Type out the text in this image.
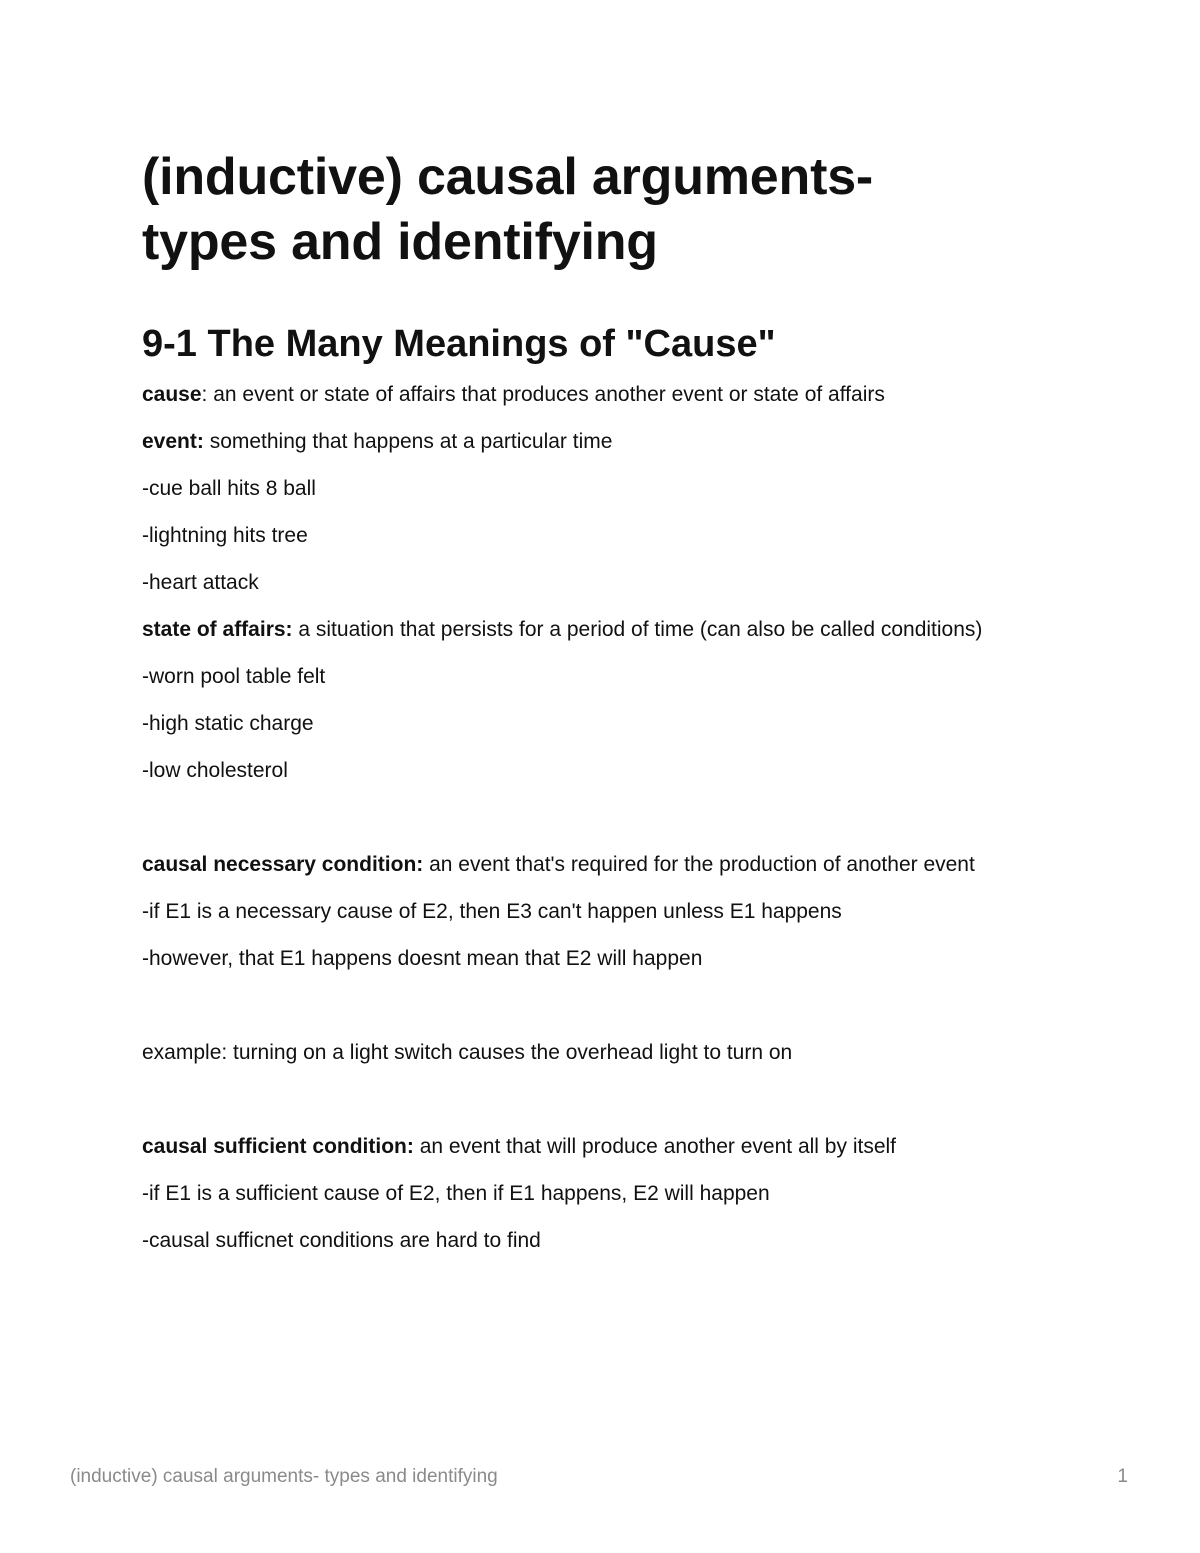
(inductive) causal arguments-
types and identifying
9-1 The Many Meanings of "Cause"

cause: an event or state of affairs that produces another event or state of affairs

event: something that happens at a particular time

-cue ball hits 8 ball

-lightning hits tree

-heart attack

state of affairs: a situation that persists for a period of time (can also be called conditions)

-worn pool table felt

-high static charge

-low cholesterol

causal necessary condition: an event that's required for the production of another event

-if E1 is a necessary cause of E2, then E3 can't happen unless E1 happens

-however, that E1 happens doesnt mean that E2 will happen

example: turning on a light switch causes the overhead light to turn on

causal sufficient condition: an event that will produce another event all by itself

-if E1 is a sufficient cause of E2, then if E1 happens, E2 will happen

-causal sufficnet conditions are hard to find

(inductive) causal arguments- types and identifying	1
